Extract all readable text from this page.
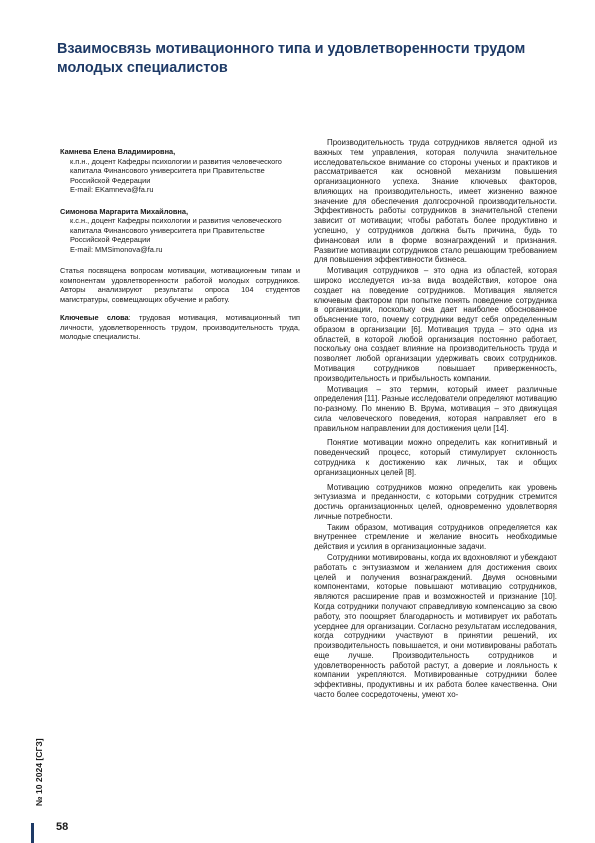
Взаимосвязь мотивационного типа и удовлетворенности трудом молодых специалистов
Камнева Елена Владимировна,
к.п.н., доцент Кафедры психологии и развития человеческого
капитала Финансового университета при Правительстве
Российской Федерации
E-mail: EKamneva@fa.ru
Симонова Маргарита Михайловна,
к.с.н., доцент Кафедры психологии и развития человеческого
капитала Финансового университета при Правительстве
Российской Федерации
E-mail: MMSimonova@fa.ru
Статья посвящена вопросам мотивации, мотивационным типам и компонентам удовлетворенности работой молодых сотрудников. Авторы анализируют результаты опроса 104 студентов магистратуры, совмещающих обучение и работу.
Ключевые слова: трудовая мотивация, мотивационный тип личности, удовлетворенность трудом, производительность труда, молодые специалисты.

Производительность труда сотрудников является одной из важных тем управления, которая получила значительное исследовательское внимание со стороны ученых и практиков и рассматривается как основной механизм повышения организационного успеха. Знание ключевых факторов, влияющих на производительность, имеет жизненно важное значение для обеспечения долгосрочной производительности. Эффективность работы сотрудников в значительной степени зависит от мотивации; чтобы работать более продуктивно и успешно, у сотрудников должна быть причина, будь то финансовая или в форме вознаграждений и признания. Развитие мотивации сотрудников стало решающим требованием для повышения эффективности бизнеса.

Мотивация сотрудников – это одна из областей, которая широко исследуется из-за вида воздействия, которое она создает на поведение сотрудников. Мотивация является ключевым фактором при попытке понять поведение сотрудника в организации, поскольку она дает наиболее обоснованное объяснение того, почему сотрудники ведут себя определенным образом в организации [6]. Мотивация труда – это одна из областей, в которой любой организация постоянно работает, поскольку она создает влияние на производительность труда и позволяет любой организации удерживать своих сотрудников. Мотивация сотрудников повышает приверженность, производительность и прибыльность компании.

Мотивация – это термин, который имеет различные определения [11]. Разные исследователи определяют мотивацию по-разному. По мнению В. Врума, мотивация – это движущая сила человеческого поведения, которая направляет его в правильном направлении для достижения цели [14].

Понятие мотивации можно определить как когнитивный и поведенческий процесс, который стимулирует склонность сотрудника к достижению как личных, так и общих организационных целей [8].

Мотивацию сотрудников можно определить как уровень энтузиазма и преданности, с которыми сотрудник стремится достичь организационных целей, одновременно удовлетворяя личные потребности.

Таким образом, мотивация сотрудников определяется как внутреннее стремление и желание вносить необходимые действия и усилия в организационные задачи.

Сотрудники мотивированы, когда их вдохновляют и убеждают работать с энтузиазмом и желанием для достижения своих целей и получения вознаграждений. Двумя основными компонентами, которые повышают мотивацию сотрудников, являются расширение прав и возможностей и признание [10]. Когда сотрудники получают справедливую компенсацию за свою работу, это поощряет благодарность и мотивирует их работать усерднее для организации. Согласно результатам исследования, когда сотрудники участвуют в принятии решений, их производительность повышается, и они мотивированы работать еще лучше. Производительность сотрудников и удовлетворенность работой растут, а доверие и лояльность к компании укрепляются. Мотивированные сотрудники более эффективны, продуктивны и их работа более качественна. Они часто более сосредоточены, умеют хо-

№ 10 2024 [СГЗ]
58
